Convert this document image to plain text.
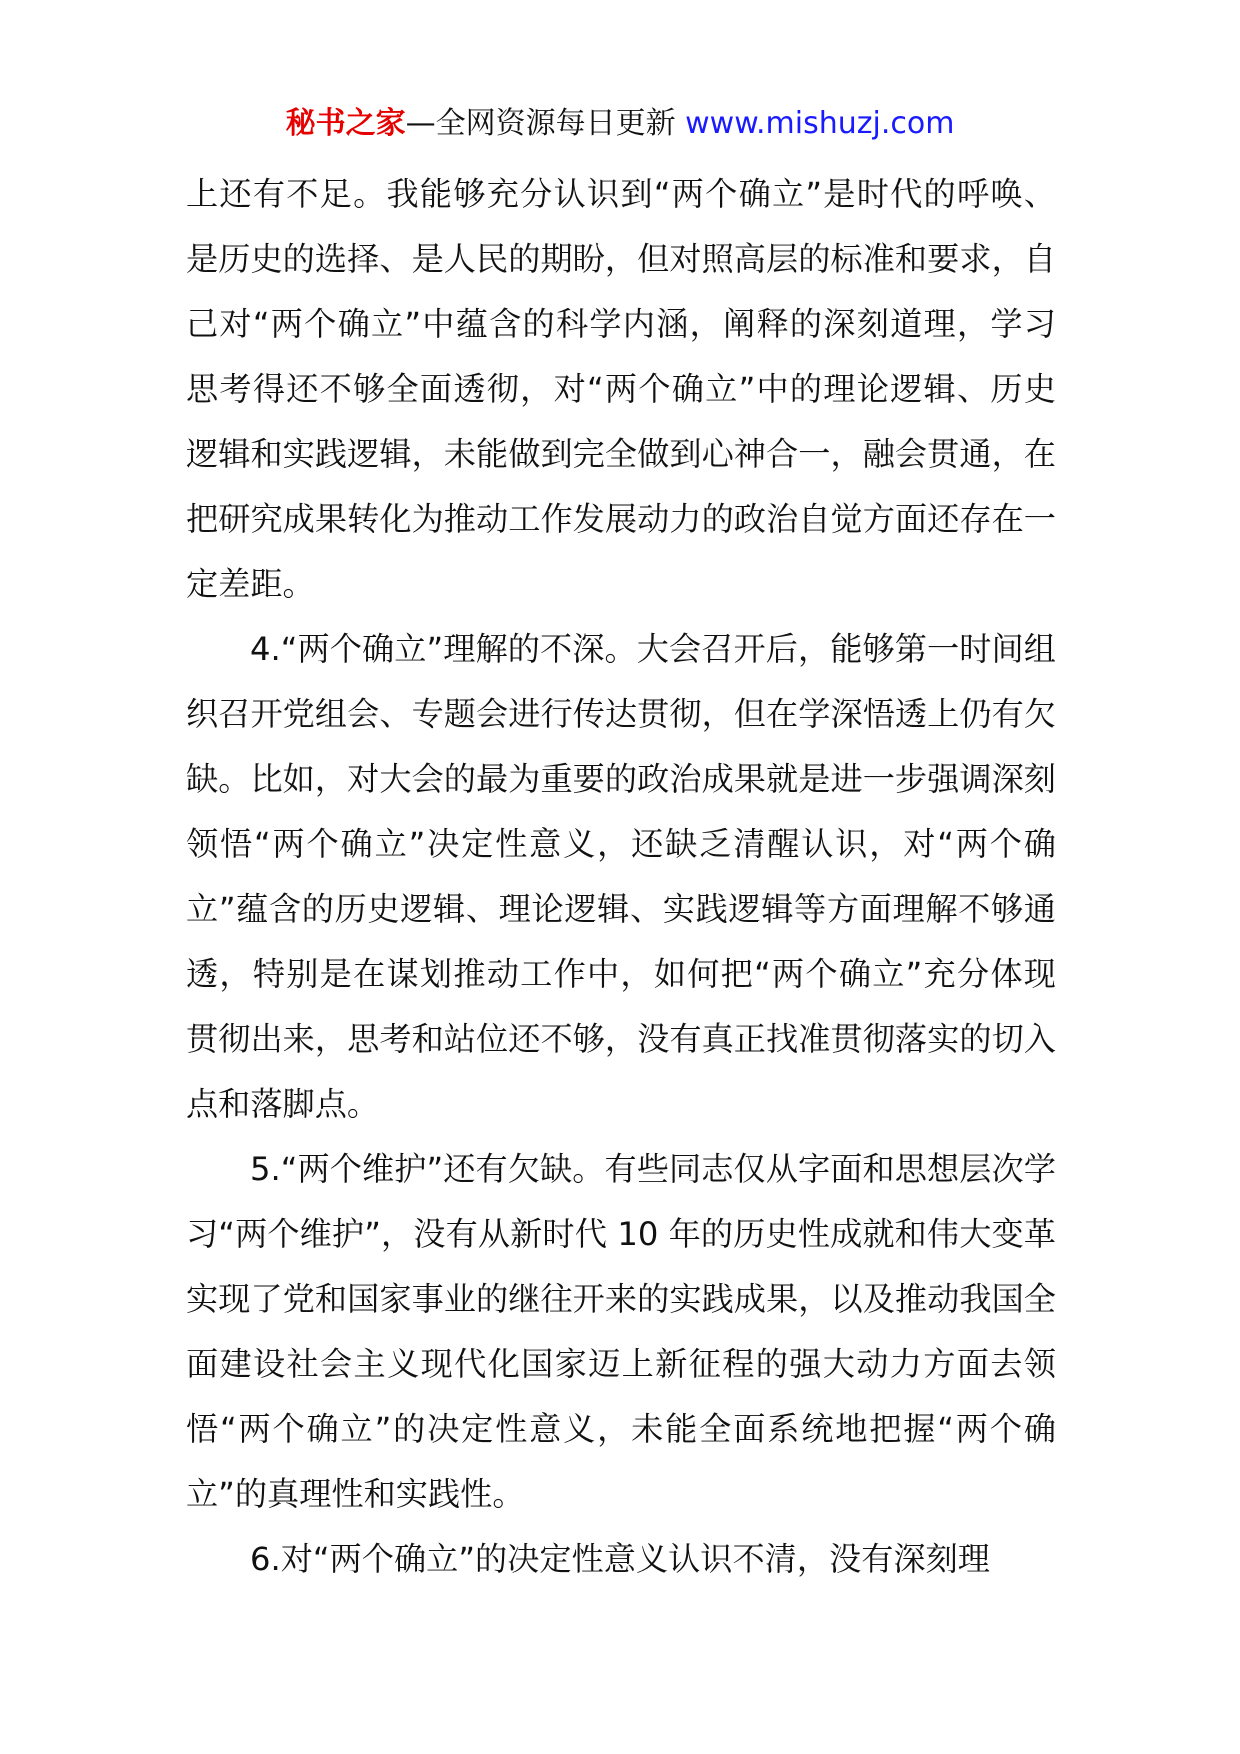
秘书之家—全网资源每日更新 www.mishuzj.com

上还有不足。我能够充分认识到“两个确立”是时代的呼唤、是历史的选择、是人民的期盼，但对照高层的标准和要求，自己对“两个确立”中蕴含的科学内涵，阐释的深刻道理，学习思考得还不够全面透彻，对“两个确立”中的理论逻辑、历史逻辑和实践逻辑，未能做到完全做到心神合一，融会贯通，在把研究成果转化为推动工作发展动力的政治自觉方面还存在一定差距。

4.“两个确立”理解的不深。大会召开后，能够第一时间组织召开党组会、专题会进行传达贯彻，但在学深悟透上仍有欠缺。比如，对大会的最为重要的政治成果就是进一步强调深刻领悟“两个确立”决定性意义，还缺乏清醒认识，对“两个确立”蕴含的历史逻辑、理论逻辑、实践逻辑等方面理解不够通透，特别是在谋划推动工作中，如何把“两个确立”充分体现贯彻出来，思考和站位还不够，没有真正找准贯彻落实的切入点和落脚点。

5.“两个维护”还有欠缺。有些同志仅从字面和思想层次学习“两个维护”，没有从新时代 10 年的历史性成就和伟大变革实现了党和国家事业的继往开来的实践成果，以及推动我国全面建设社会主义现代化国家迈上新征程的强大动力方面去领悟“两个确立”的决定性意义，未能全面系统地把握“两个确立”的真理性和实践性。

6.对“两个确立”的决定性意义认识不清，没有深刻理
